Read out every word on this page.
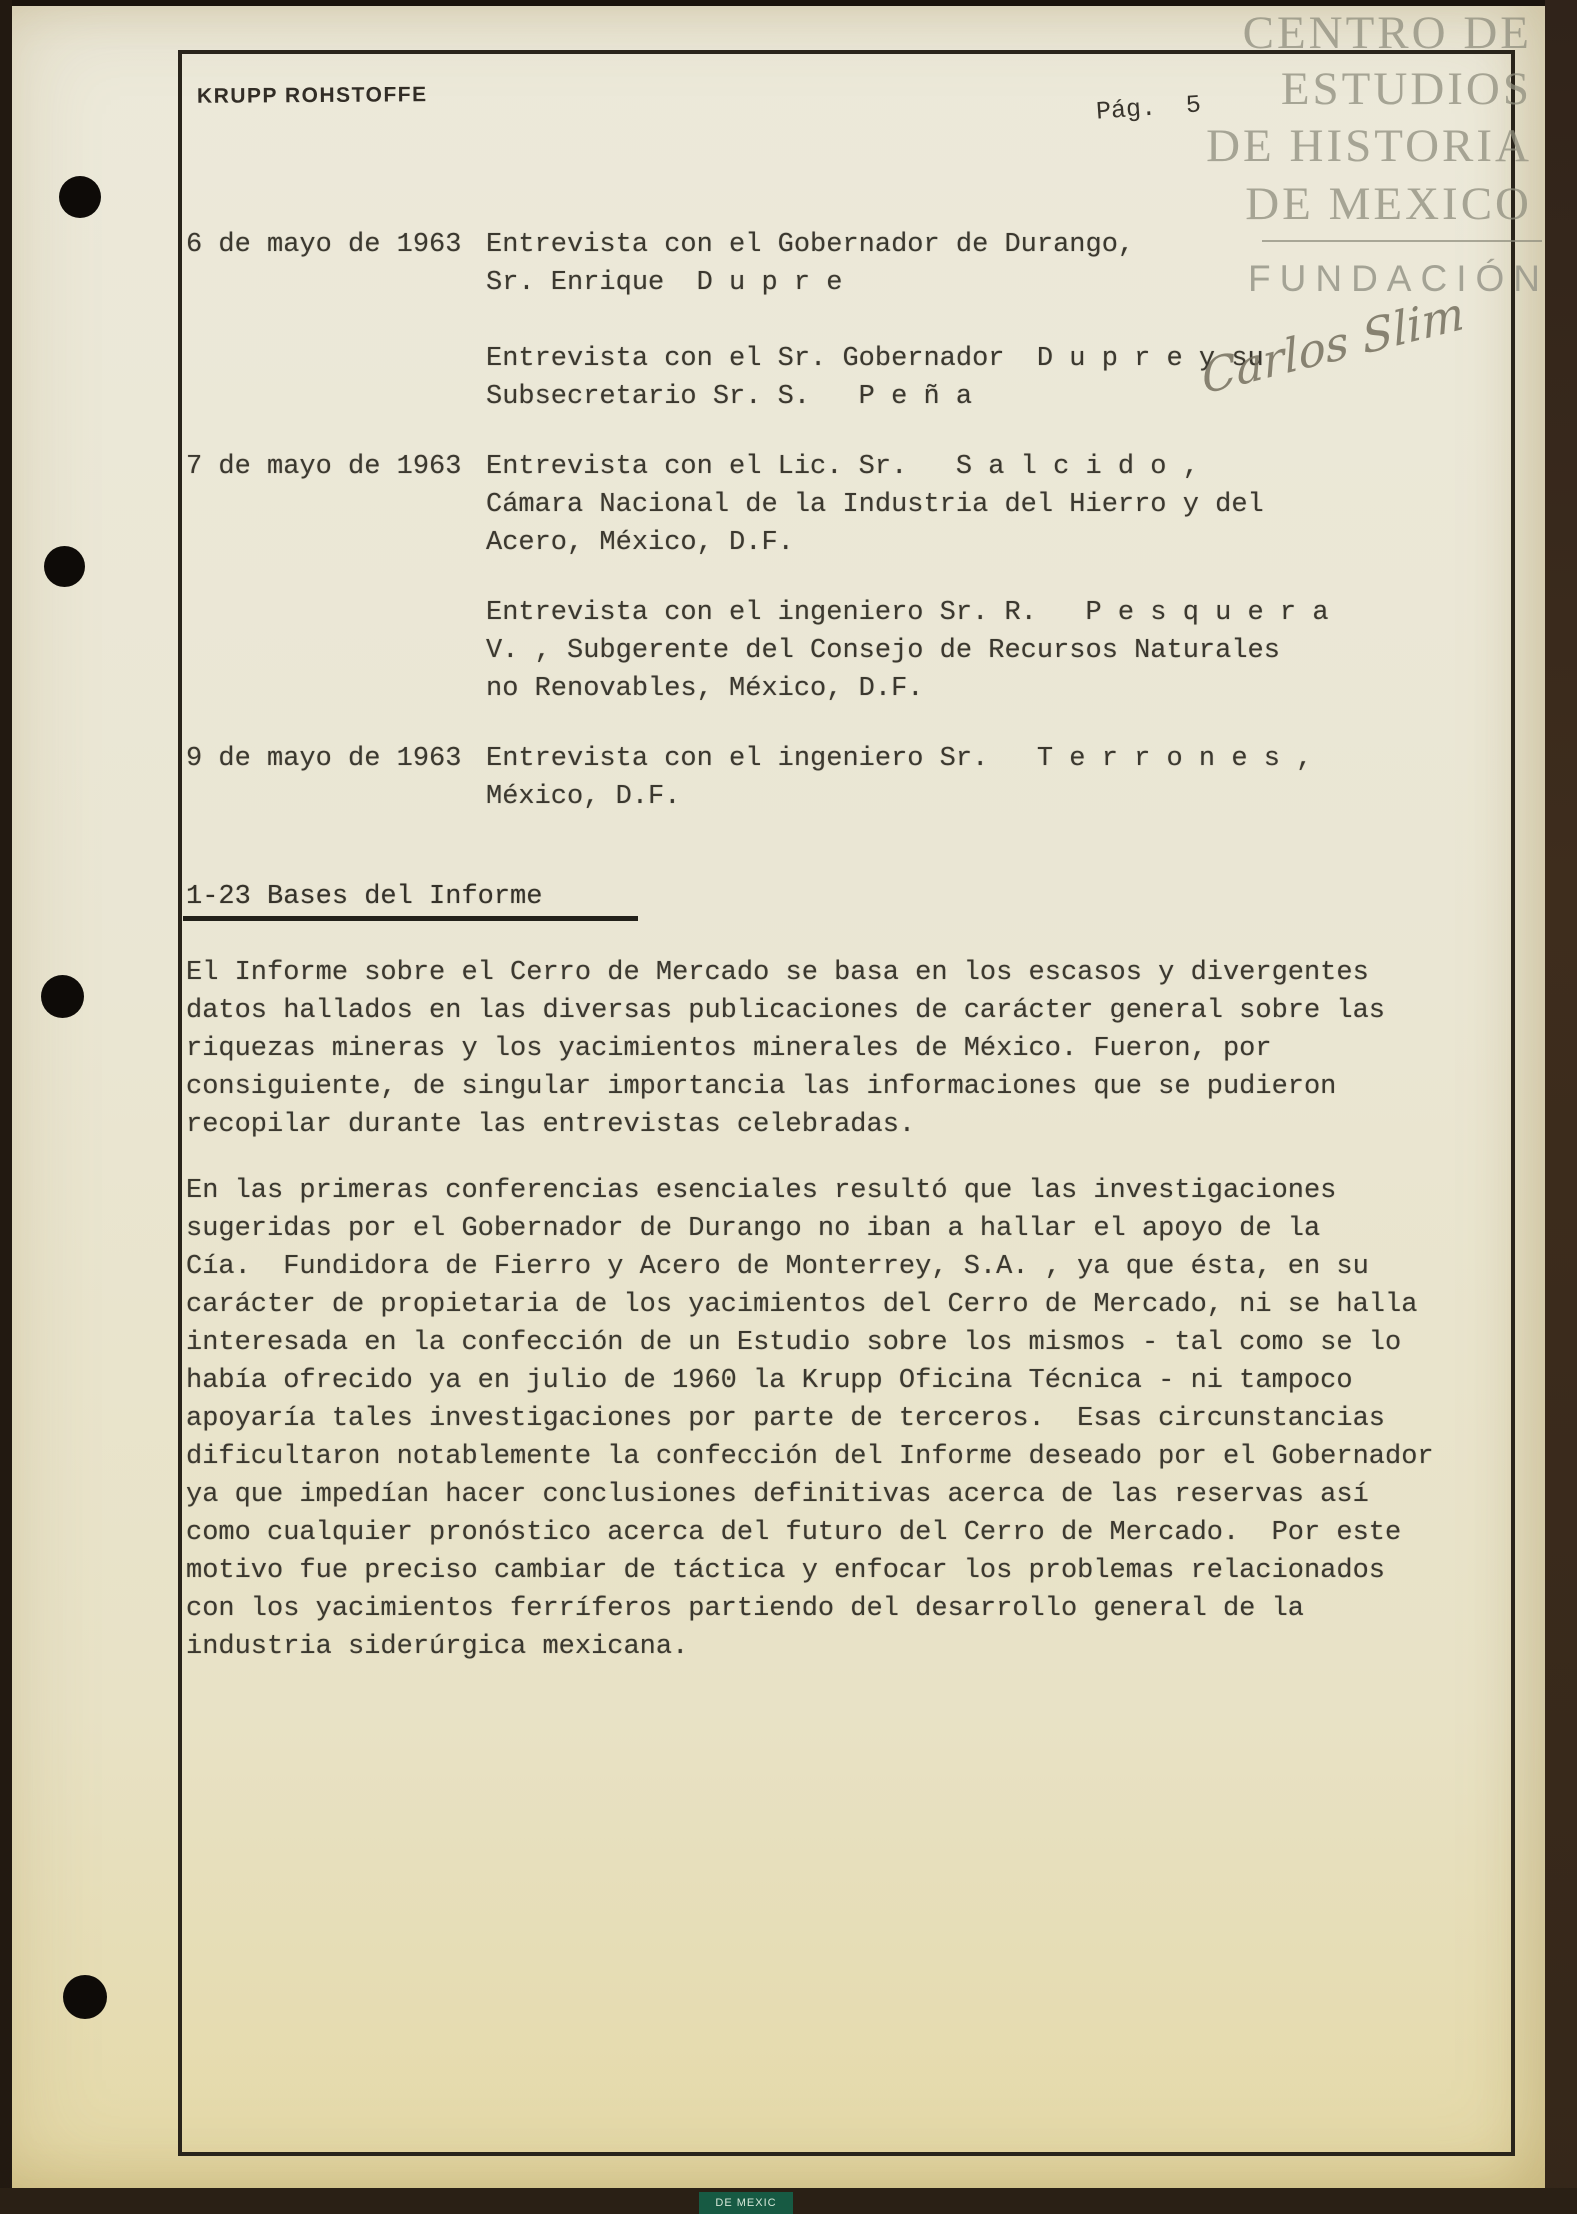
CENTRO DE
ESTUDIOS
DE HISTORIA
DE MEXICO
FUNDACIÓN
DE MEXIC
KRUPP ROHSTOFFE	Pág. 5
6 de mayo de 1963 Entrevista con el Gobernador de Durango,
Sr. Enrique  D u p r e
Entrevista con el Sr. Gobernador  D u p r e y su
Subsecretario Sr. S.   P e ñ a
7 de mayo de 1963 Entrevista con el Lic. Sr.   S a l c i d o ,
Cámara Nacional de la Industria del Hierro y del
Acero, México, D.F.
Entrevista con el ingeniero Sr. R.   P e s q u e r a
V. , Subgerente del Consejo de Recursos Naturales
no Renovables, México, D.F.
9 de mayo de 1963 Entrevista con el ingeniero Sr.   T e r r o n e s ,
México, D.F.
1-23 Bases del Informe
El Informe sobre el Cerro de Mercado se basa en los escasos y divergentes
datos hallados en las diversas publicaciones de carácter general sobre las
riquezas mineras y los yacimientos minerales de México. Fueron, por
consiguiente, de singular importancia las informaciones que se pudieron
recopilar durante las entrevistas celebradas.
En las primeras conferencias esenciales resultó que las investigaciones
sugeridas por el Gobernador de Durango no iban a hallar el apoyo de la
Cía.  Fundidora de Fierro y Acero de Monterrey, S.A. , ya que ésta, en su
carácter de propietaria de los yacimientos del Cerro de Mercado, ni se halla
interesada en la confección de un Estudio sobre los mismos - tal como se lo
había ofrecido ya en julio de 1960 la Krupp Oficina Técnica - ni tampoco
apoyaría tales investigaciones por parte de terceros.  Esas circunstancias
dificultaron notablemente la confección del Informe deseado por el Gobernador
ya que impedían hacer conclusiones definitivas acerca de las reservas así
como cualquier pronóstico acerca del futuro del Cerro de Mercado.  Por este
motivo fue preciso cambiar de táctica y enfocar los problemas relacionados
con los yacimientos ferríferos partiendo del desarrollo general de la
industria siderúrgica mexicana.
Carlos Slim
